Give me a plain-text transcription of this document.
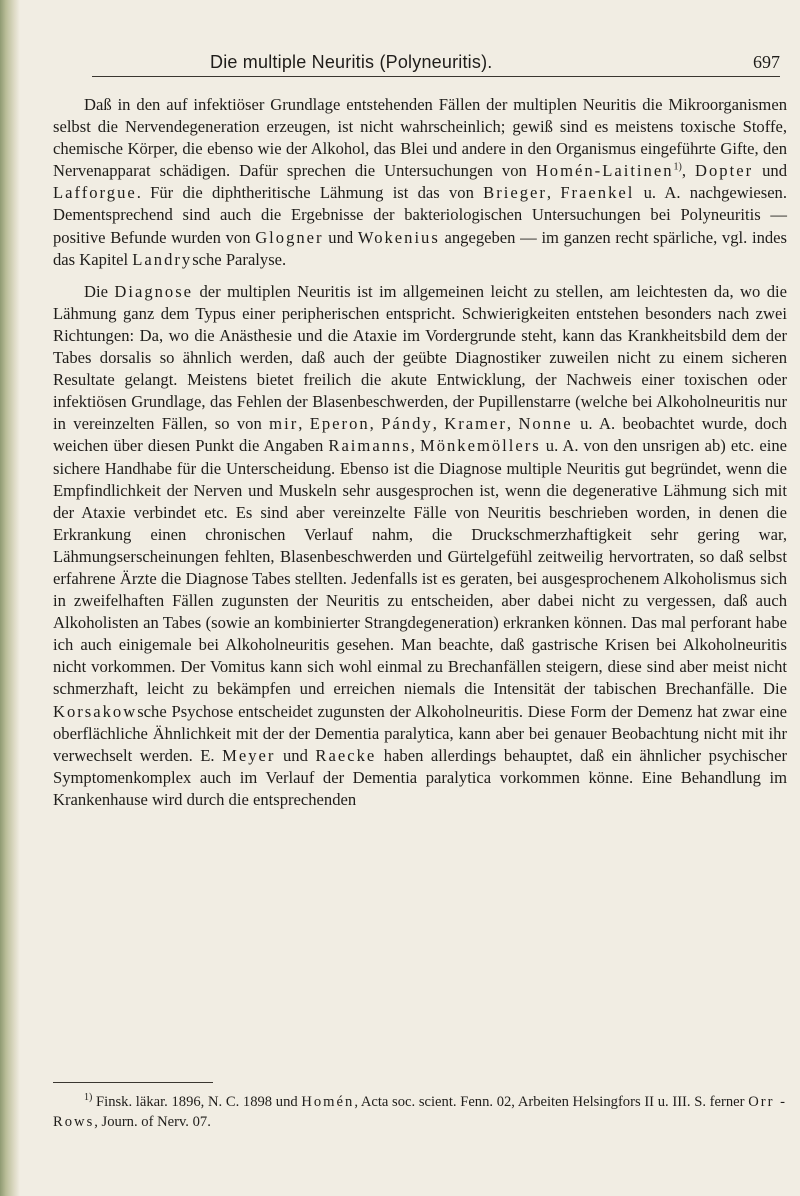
Die multiple Neuritis (Polyneuritis).	697

Daß in den auf infektiöser Grundlage entstehenden Fällen der multiplen Neuritis die Mikroorganismen selbst die Nervendegeneration erzeugen, ist nicht wahrscheinlich; gewiß sind es meistens toxische Stoffe, chemische Körper, die ebenso wie der Alkohol, das Blei und andere in den Organismus eingeführte Gifte, den Nervenapparat schädigen. Dafür sprechen die Untersuchungen von Homén-Laitinen$^{1)}$, Dopter und Lafforgue. Für die diphtheritische Lähmung ist das von Brieger, Fraenkel u. A. nachgewiesen. Dementsprechend sind auch die Ergebnisse der bakteriologischen Untersuchungen bei Polyneuritis — positive Befunde wurden von Glogner und Wokenius angegeben — im ganzen recht spärliche, vgl. indes das Kapitel Landrysche Paralyse.

Die Diagnose der multiplen Neuritis ist im allgemeinen leicht zu stellen, am leichtesten da, wo die Lähmung ganz dem Typus einer peripherischen entspricht. Schwierigkeiten entstehen besonders nach zwei Richtungen: Da, wo die Anästhesie und die Ataxie im Vordergrunde steht, kann das Krankheitsbild dem der Tabes dorsalis so ähnlich werden, daß auch der geübte Diagnostiker zuweilen nicht zu einem sicheren Resultate gelangt. Meistens bietet freilich die akute Entwicklung, der Nachweis einer toxischen oder infektiösen Grundlage, das Fehlen der Blasenbeschwerden, der Pupillenstarre (welche bei Alkoholneuritis nur in vereinzelten Fällen, so von mir, Eperon, Pándy, Kramer, Nonne u. A. beobachtet wurde, doch weichen über diesen Punkt die Angaben Raimanns, Mönkemöllers u. A. von den unsrigen ab) etc. eine sichere Handhabe für die Unterscheidung. Ebenso ist die Diagnose multiple Neuritis gut begründet, wenn die Empfindlichkeit der Nerven und Muskeln sehr ausgesprochen ist, wenn die degenerative Lähmung sich mit der Ataxie verbindet etc. Es sind aber vereinzelte Fälle von Neuritis beschrieben worden, in denen die Erkrankung einen chronischen Verlauf nahm, die Druckschmerzhaftigkeit sehr gering war, Lähmungserscheinungen fehlten, Blasenbeschwerden und Gürtelgefühl zeitweilig hervortraten, so daß selbst erfahrene Ärzte die Diagnose Tabes stellten. Jedenfalls ist es geraten, bei ausgesprochenem Alkoholismus sich in zweifelhaften Fällen zugunsten der Neuritis zu entscheiden, aber dabei nicht zu vergessen, daß auch Alkoholisten an Tabes (sowie an kombinierter Strangdegeneration) erkranken können. Das mal perforant habe ich auch einigemale bei Alkoholneuritis gesehen. Man beachte, daß gastrische Krisen bei Alkoholneuritis nicht vorkommen. Der Vomitus kann sich wohl einmal zu Brechanfällen steigern, diese sind aber meist nicht schmerzhaft, leicht zu bekämpfen und erreichen niemals die Intensität der tabischen Brechanfälle. Die Korsakowsche Psychose entscheidet zugunsten der Alkoholneuritis. Diese Form der Demenz hat zwar eine oberflächliche Ähnlichkeit mit der der Dementia paralytica, kann aber bei genauer Beobachtung nicht mit ihr verwechselt werden. E. Meyer und Raecke haben allerdings behauptet, daß ein ähnlicher psychischer Symptomenkomplex auch im Verlauf der Dementia paralytica vorkommen könne. Eine Behandlung im Krankenhause wird durch die entsprechenden

$^{1)}$ Finsk. läkar. 1896, N. C. 1898 und Homén, Acta soc. scient. Fenn. 02, Arbeiten Helsingfors II u. III. S. ferner Orr - Rows, Journ. of Nerv. 07.
